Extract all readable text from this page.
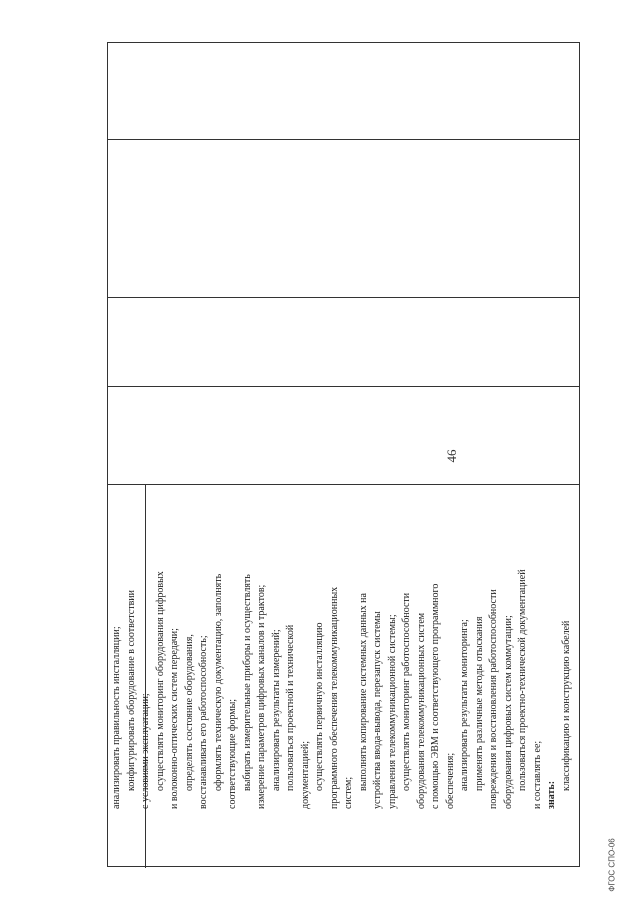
46
анализировать правильность инсталляции; конфигурировать оборудование в соответствии с условиями эксплуатации; осуществлять мониторинг оборудования цифровых и волоконно-оптических систем передачи; определять состояние оборудования, восстанавливать его работоспособность; оформлять техническую документацию, заполнять соответствующие формы; выбирать измерительные приборы и осуществлять измерение параметров цифровых каналов и трактов; анализировать результаты измерений; пользоваться проектной и технической документацией; осуществлять первичную инсталляцию программного обеспечения телекоммуникационных систем;
выполнять копирование системных данных на устройства ввода-вывода, перезапуск системы управления телекоммуникационной системы; осуществлять мониторинг работоспособности оборудования телекоммуникационных систем с помощью ЭВМ и соответствующего программного обеспечения; анализировать результаты мониторинга; применять различные методы отыскания повреждения и восстановления работоспособности оборудования цифровых систем коммутации; пользоваться проектно-технической документацией и составлять ее; знать:
классификацию и конструкцию кабелей
ФГОС СПО-06
